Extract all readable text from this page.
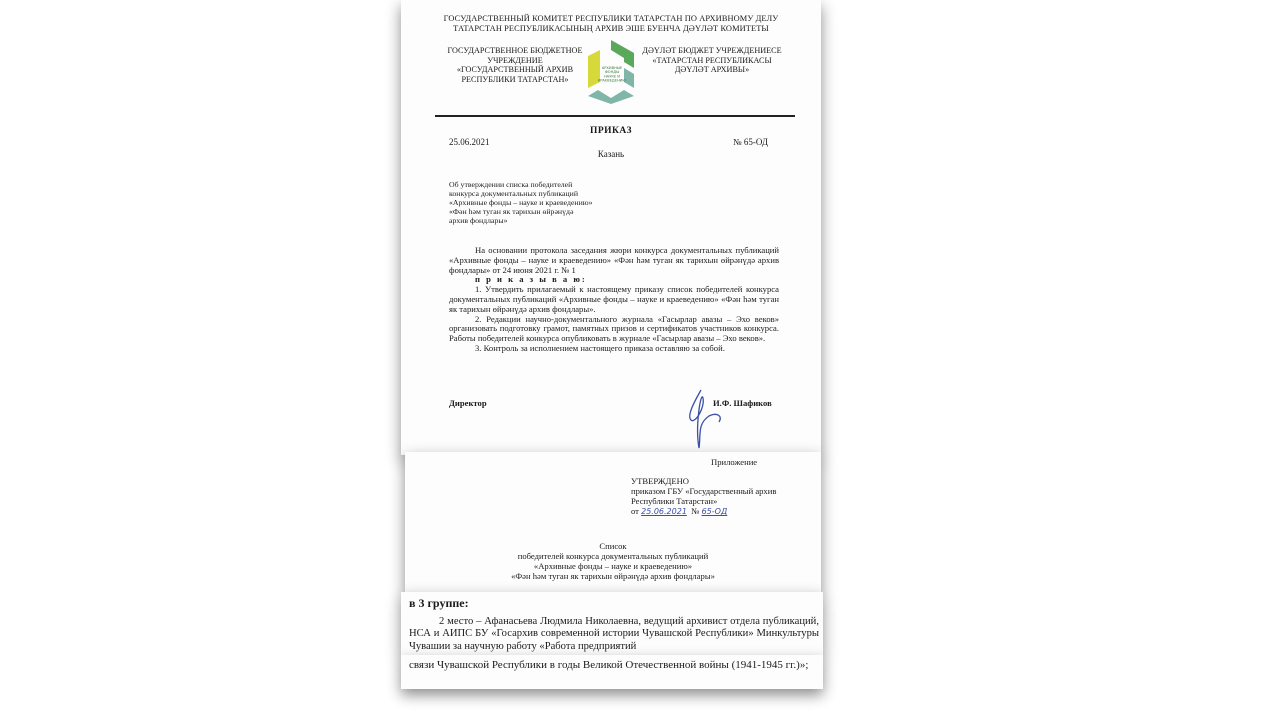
ГОСУДАРСТВЕННЫЙ КОМИТЕТ РЕСПУБЛИКИ ТАТАРСТАН ПО АРХИВНОМУ ДЕЛУ
ТАТАРСТАН РЕСПУБЛИКАСЫНЫҢ АРХИВ ЭШЕ БУЕНЧА ДӘҮЛӘТ КОМИТЕТЫ
ГОСУДАРСТВЕННОЕ БЮДЖЕТНОЕ УЧРЕЖДЕНИЕ «ГОСУДАРСТВЕННЫЙ АРХИВ РЕСПУБЛИКИ ТАТАРСТАН»
АРХИВНЫЕ ФОНДЫ НАУКЕ И КРАЕВЕДЕНИЮ
ДӘҮЛӘТ БЮДЖЕТ УЧРЕЖДЕНИЕСЕ «ТАТАРСТАН РЕСПУБЛИКАСЫ ДӘҮЛӘТ АРХИВЫ»
ПРИКАЗ
25.06.2021	№ 65-ОД
Казань
Об утверждении списка победителей
конкурса документальных публикаций
«Архивные фонды – науке и краеведению»
«Фән һәм туган як тарихын өйрәнүдә
архив фондлары»

На основании протокола заседания жюри конкурса документальных публикаций «Архивные фонды – науке и краеведению» «Фән һәм туган як тарихын өйрәнүдә архив фондлары» от 24 июня 2021 г. № 1

п р и к а з ы в а ю:

1. Утвердить прилагаемый к настоящему приказу список победителей конкурса документальных публикаций «Архивные фонды – науке и краеведению» «Фән һәм туган як тарихын өйрәнүдә архив фондлары».

2. Редакции научно-документального журнала «Гасырлар авазы – Эхо веков» организовать подготовку грамот, памятных призов и сертификатов участников конкурса. Работы победителей конкурса опубликовать в журнале «Гасырлар авазы – Эхо веков».

3. Контроль за исполнением настоящего приказа оставляю за собой.

Директор	И.Ф. Шафиков
Приложение
УТВЕРЖДЕНО
приказом ГБУ «Государственный архив Республики Татарстан»
от 25.06.2021 № 65-ОД
Список
победителей конкурса документальных публикаций
«Архивные фонды – науке и краеведению»
«Фән һәм туган як тарихын өйрәнүдә архив фондлары»
в 3 группе:

2 место – Афанасьева Людмила Николаевна, ведущий архивист отдела публикаций, НСА и АИПС БУ «Госархив современной истории Чувашской Республики» Минкультуры Чувашии за научную работу «Работа предприятий

связи Чувашской Республики в годы Великой Отечественной войны (1941-1945 гг.)»;
